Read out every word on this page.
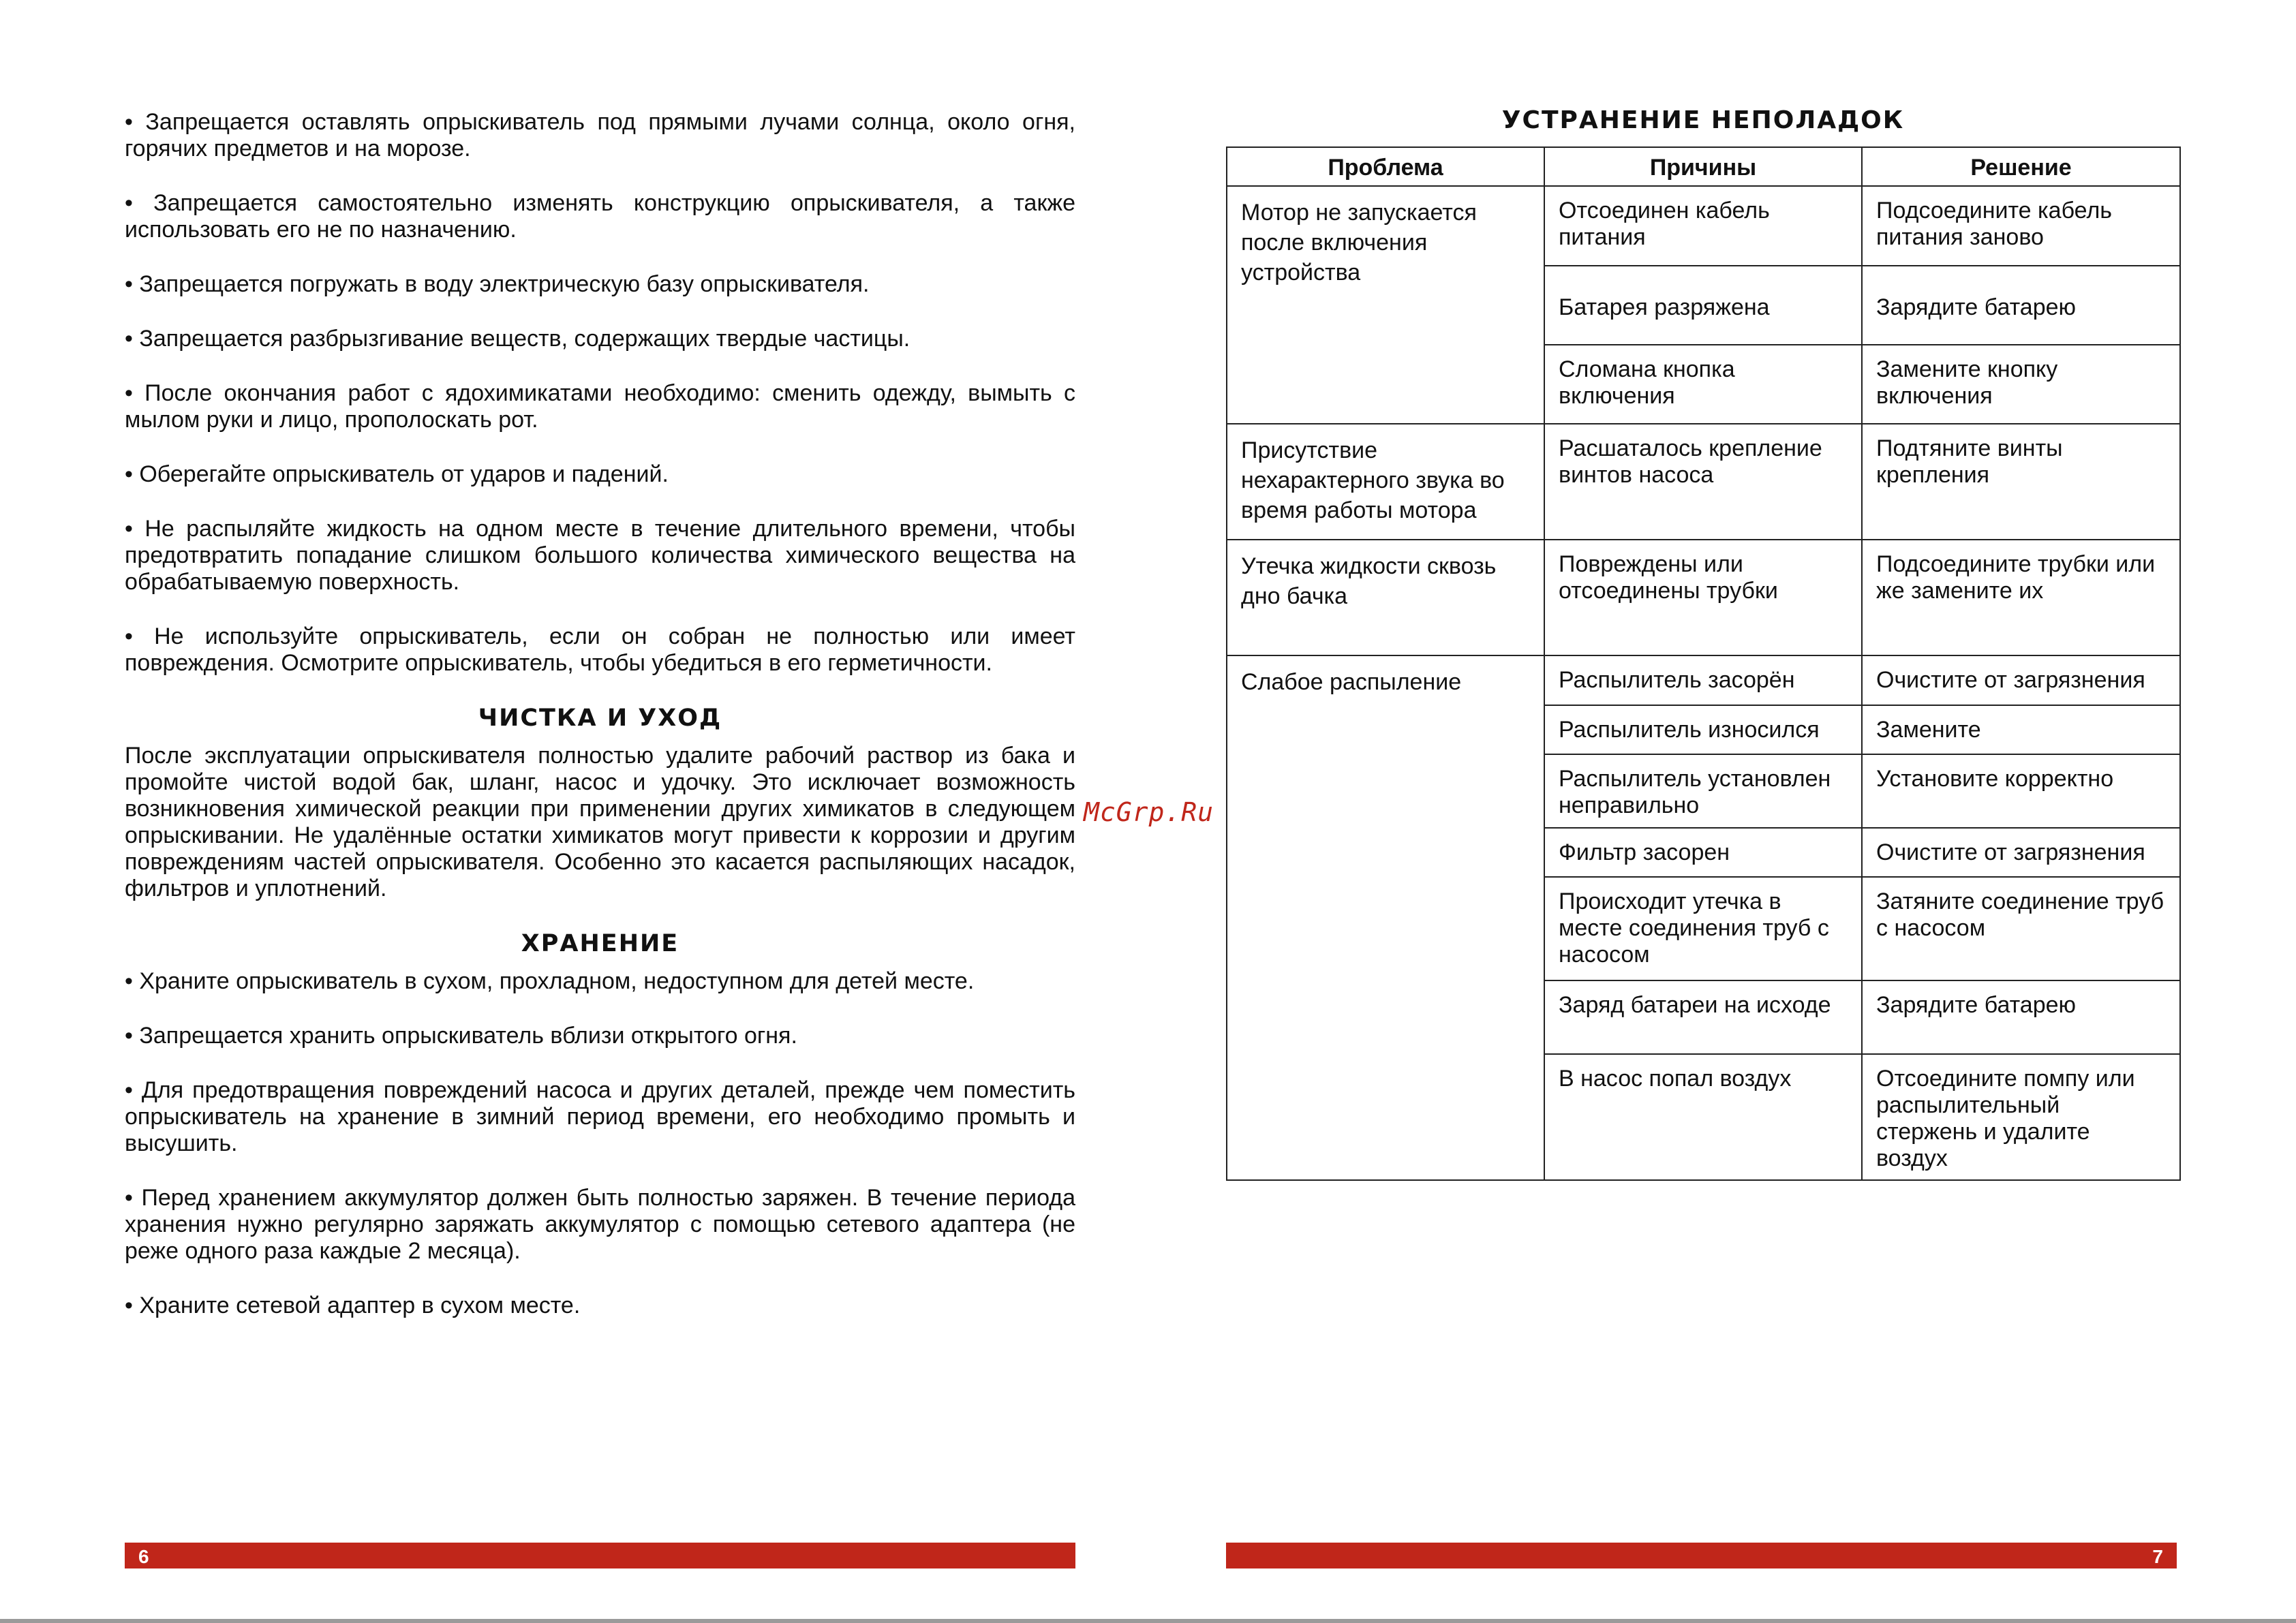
• Запрещается оставлять опрыскиватель под прямыми лучами солнца, около огня, горячих предметов и на морозе.

• Запрещается самостоятельно изменять конструкцию опрыскивателя, а также использовать его не по назначению.

• Запрещается погружать в воду электрическую базу опрыскивателя.

• Запрещается разбрызгивание веществ, содержащих твердые частицы.

• После окончания работ с ядохимикатами необходимо: сменить одежду, вымыть с мылом руки и лицо, прополоскать рот.

• Оберегайте опрыскиватель от ударов и падений.

• Не распыляйте жидкость на одном месте в течение длительного времени, чтобы предотвратить попадание слишком большого количества химического вещества на обрабатываемую поверхность.

• Не используйте опрыскиватель, если он собран не полностью или имеет повреждения. Осмотрите опрыскиватель, чтобы убедиться в его герметичности.

ЧИСТКА И УХОД

После эксплуатации опрыскивателя полностью удалите рабочий раствор из бака и промойте чистой водой бак, шланг, насос и удочку. Это исключает возможность возникновения химической реакции при применении других химикатов в следующем опрыскивании. Не удалённые остатки химикатов могут привести к коррозии и другим повреждениям частей опрыскивателя. Особенно это касается распыляющих насадок, фильтров и уплотнений.

ХРАНЕНИЕ

• Храните опрыскиватель в сухом, прохладном, недоступном для детей месте.

• Запрещается хранить опрыскиватель вблизи открытого огня.

• Для предотвращения повреждений насоса и других деталей, прежде чем поместить опрыскиватель на хранение в зимний период времени, его необходимо промыть и высушить.

• Перед хранением аккумулятор должен быть полностью заряжен. В течение периода хранения нужно регулярно заряжать аккумулятор с помощью сетевого адаптера (не реже одного раза каждые 2 месяца).

• Храните сетевой адаптер в сухом месте.

6
McGrp.Ru
УСТРАНЕНИЕ НЕПОЛАДОК
Проблема	Причины	Решение
Мотор не запускается после включения устройства	Отсоединен кабель питания	Подсоедините кабель питания заново
	Батарея разряжена	Зарядите батарею
	Сломана кнопка включения	Замените кнопку включения
Присутствие нехарактерного звука во время работы мотора	Расшаталось крепление винтов насоса	Подтяните винты крепления
Утечка жидкости сквозь дно бачка	Повреждены или отсоединены трубки	Подсоедините трубки или же замените их
Слабое распыление	Распылитель засорён	Очистите от загрязнения
	Распылитель износился	Замените
	Распылитель установлен неправильно	Установите корректно
	Фильтр засорен	Очистите от загрязнения
	Происходит утечка в месте соединения труб с насосом	Затяните соединение труб с насосом
	Заряд батареи на исходе	Зарядите батарею
	В насос попал воздух	Отсоедините помпу или распылительный стержень и удалите воздух
7
